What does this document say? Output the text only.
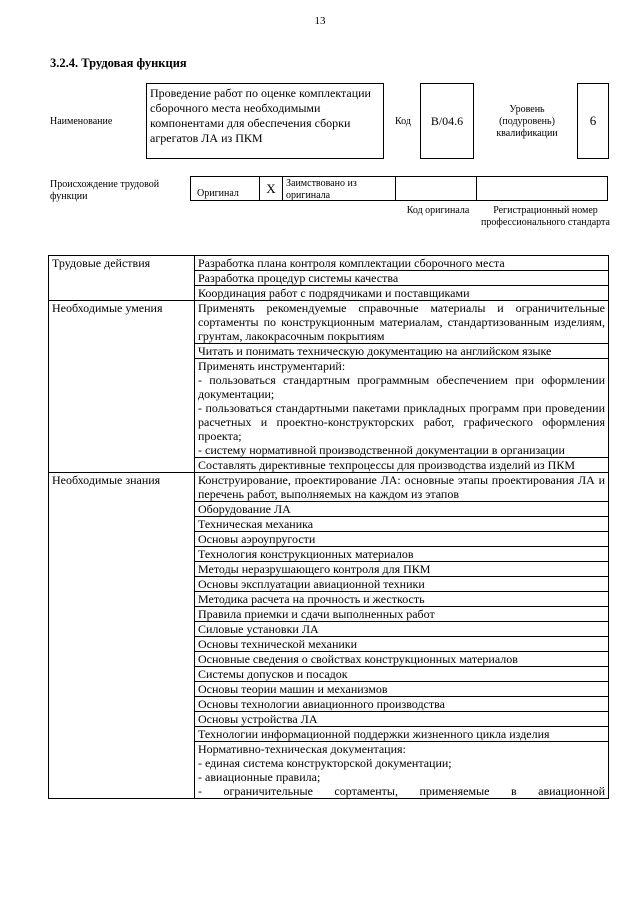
13
3.2.4. Трудовая функция
Наименование
Проведение работ по оценке комплектации сборочного места необходимыми компонентами для обеспечения сборки агрегатов ЛА из ПКМ
Код	В/04.6
Уровень (подуровень) квалификации
6
Происхождение трудовой функции	$_{Оригинал}$	X	Заимствовано из оригинала
Код оригинала	Регистрационный номер профессионального стандарта
Трудовые действия	Разработка плана контроля комплектации сборочного места
	Разработка процедур системы качества
	Координация работ с подрядчиками и поставщиками
Необходимые умения	Применять рекомендуемые справочные материалы и ограничительные сортаменты по конструкционным материалам, стандартизованным изделиям, грунтам, лакокрасочным покрытиям

	Читать и понимать техническую документацию на английском языке

	Применять инструментарий:
- пользоваться стандартным программным обеспечением при оформлении документации;
- пользоваться стандартными пакетами прикладных программ при проведении расчетных и проектно-конструкторских работ, графического оформления проекта;
- систему нормативной производственной документации в организации

	Составлять директивные техпроцессы для производства изделий из ПКМ

Необходимые знания	Конструирование, проектирование ЛА: основные этапы проектирования ЛА и перечень работ, выполняемых на каждом из этапов

	Оборудование ЛА

	Техническая механика

	Основы аэроупругости

	Технология конструкционных материалов

	Методы неразрушающего контроля для ПКМ

	Основы эксплуатации авиационной техники

	Методика расчета на прочность и жесткость

	Правила приемки и сдачи выполненных работ

	Силовые установки ЛА

	Основы технической механики

	Основные сведения о свойствах конструкционных материалов

	Системы допусков и посадок

	Основы теории машин и механизмов

	Основы технологии авиационного производства

	Основы устройства ЛА

	Технологии информационной поддержки жизненного цикла изделия

	Нормативно-техническая документация:
- единая система конструкторской документации;
- авиационные правила;
- ограничительные сортаменты, применяемые в авиационной
